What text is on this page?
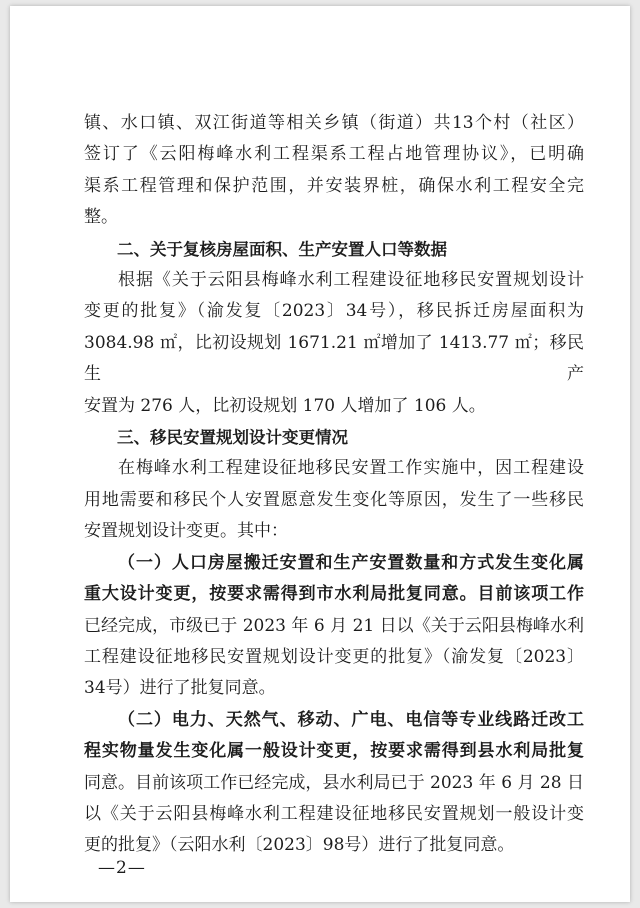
镇、水口镇、双江街道等相关乡镇（街道）共13个村（社区）

签订了《云阳梅峰水利工程渠系工程占地管理协议》，已明确

渠系工程管理和保护范围，并安装界桩，确保水利工程安全完

整。

二、关于复核房屋面积、生产安置人口等数据

根据《关于云阳县梅峰水利工程建设征地移民安置规划设计

变更的批复》（渝发复〔2023〕34号），移民拆迁房屋面积为

3084.98 ㎡，比初设规划 1671.21 ㎡增加了 1413.77 ㎡；移民生产

安置为 276 人，比初设规划 170 人增加了 106 人。

三、移民安置规划设计变更情况

在梅峰水利工程建设征地移民安置工作实施中，因工程建设

用地需要和移民个人安置愿意发生变化等原因，发生了一些移民

安置规划设计变更。其中：

（一）人口房屋搬迁安置和生产安置数量和方式发生变化属

重大设计变更，按要求需得到市水利局批复同意。目前该项工作

已经完成，市级已于 2023 年 6 月 21 日以《关于云阳县梅峰水利

工程建设征地移民安置规划设计变更的批复》（渝发复〔2023〕

34号）进行了批复同意。

（二）电力、天然气、移动、广电、电信等专业线路迁改工

程实物量发生变化属一般设计变更，按要求需得到县水利局批复

同意。目前该项工作已经完成，县水利局已于 2023 年 6 月 28 日

以《关于云阳县梅峰水利工程建设征地移民安置规划一般设计变

更的批复》（云阳水利〔2023〕98号）进行了批复同意。

—2—
